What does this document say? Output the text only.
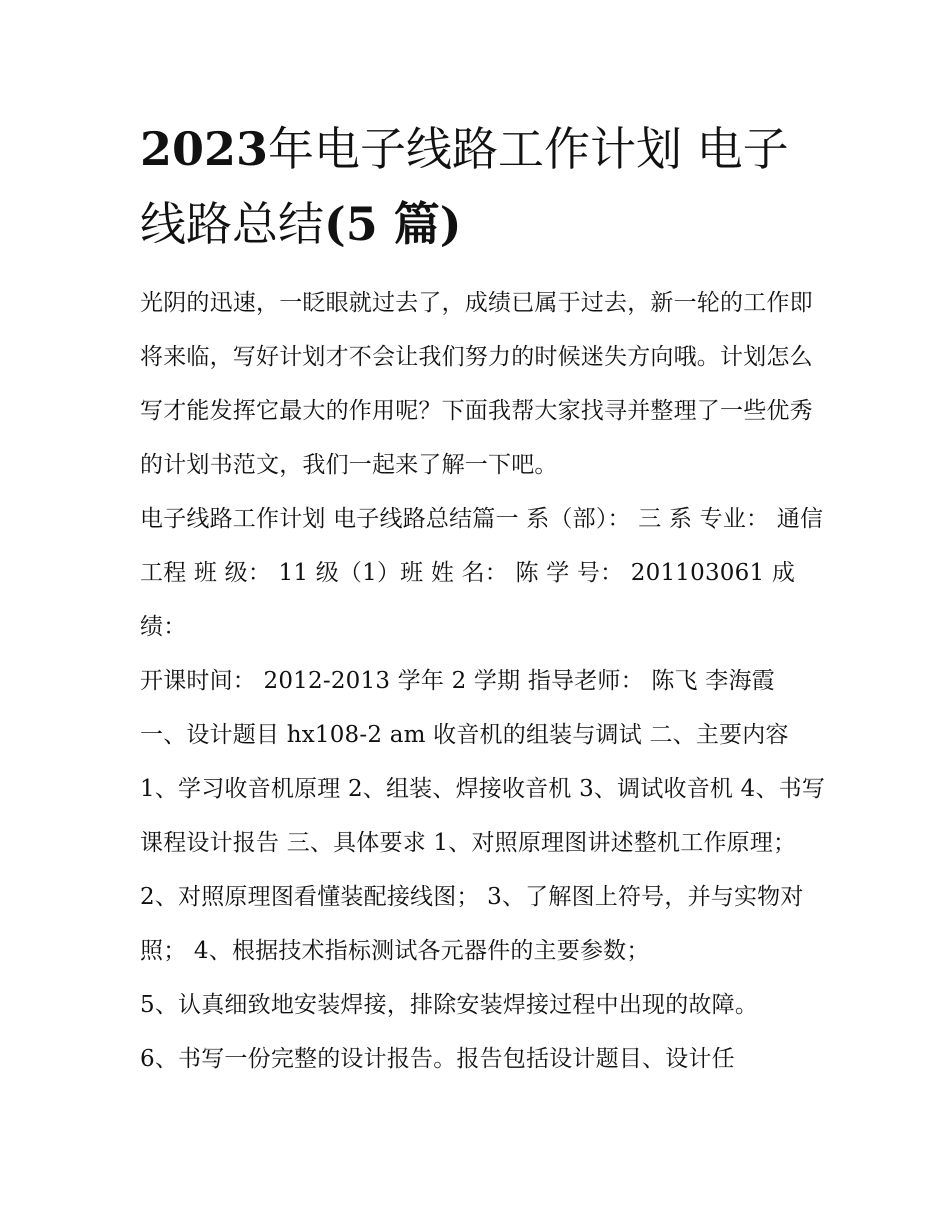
2023年电子线路工作计划 电子线路总结(5 篇)

光阴的迅速，一眨眼就过去了，成绩已属于过去，新一轮的工作即将来临，写好计划才不会让我们努力的时候迷失方向哦。计划怎么写才能发挥它最大的作用呢？下面我帮大家找寻并整理了一些优秀的计划书范文，我们一起来了解一下吧。

电子线路工作计划 电子线路总结篇一 系（部）： 三 系 专业： 通信工程 班 级： 11 级（1）班 姓 名： 陈 学 号： 201103061 成 绩：

开课时间： 2012-2013 学年 2 学期 指导老师： 陈飞 李海霞

一、设计题目 hx108-2 am 收音机的组装与调试 二、主要内容 1、学习收音机原理 2、组装、焊接收音机 3、调试收音机 4、书写课程设计报告 三、具体要求 1、对照原理图讲述整机工作原理；

2、对照原理图看懂装配接线图； 3、了解图上符号，并与实物对照； 4、根据技术指标测试各元器件的主要参数；

5、认真细致地安装焊接，排除安装焊接过程中出现的故障。

6、书写一份完整的设计报告。报告包括设计题目、设计任
